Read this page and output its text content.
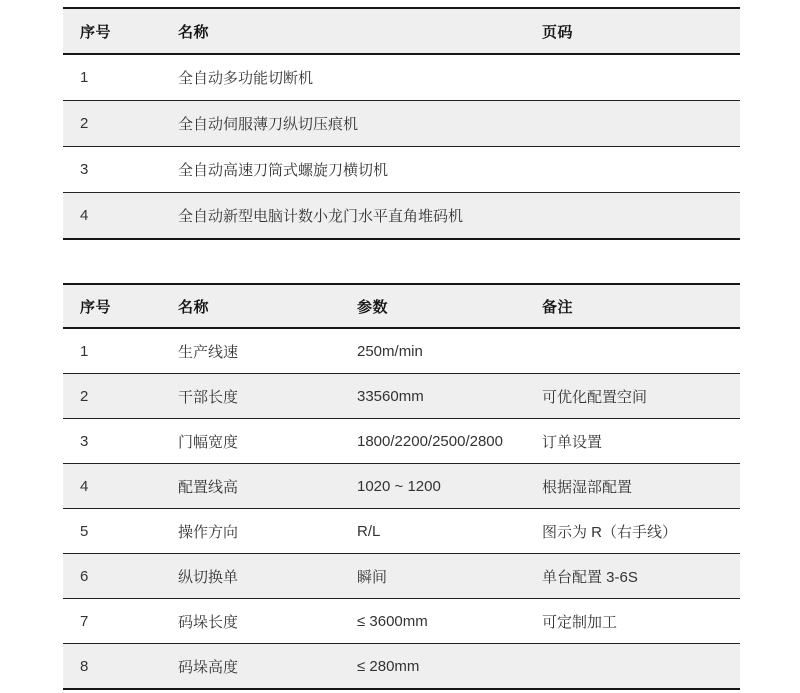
序号	名称	页码
1	全自动多功能切断机	
2	全自动伺服薄刀纵切压痕机	
3	全自动高速刀筒式螺旋刀横切机	
4	全自动新型电脑计数小龙门水平直角堆码机	
序号	名称	参数	备注
1	生产线速	250m/min	
2	干部长度	33560mm	可优化配置空间
3	门幅宽度	1800/2200/2500/2800	订单设置
4	配置线高	1020 ~ 1200	根据湿部配置
5	操作方向	R/L	图示为 R（右手线）
6	纵切换单	瞬间	单台配置 3-6S
7	码垛长度	≤ 3600mm	可定制加工
8	码垛高度	≤ 280mm	
